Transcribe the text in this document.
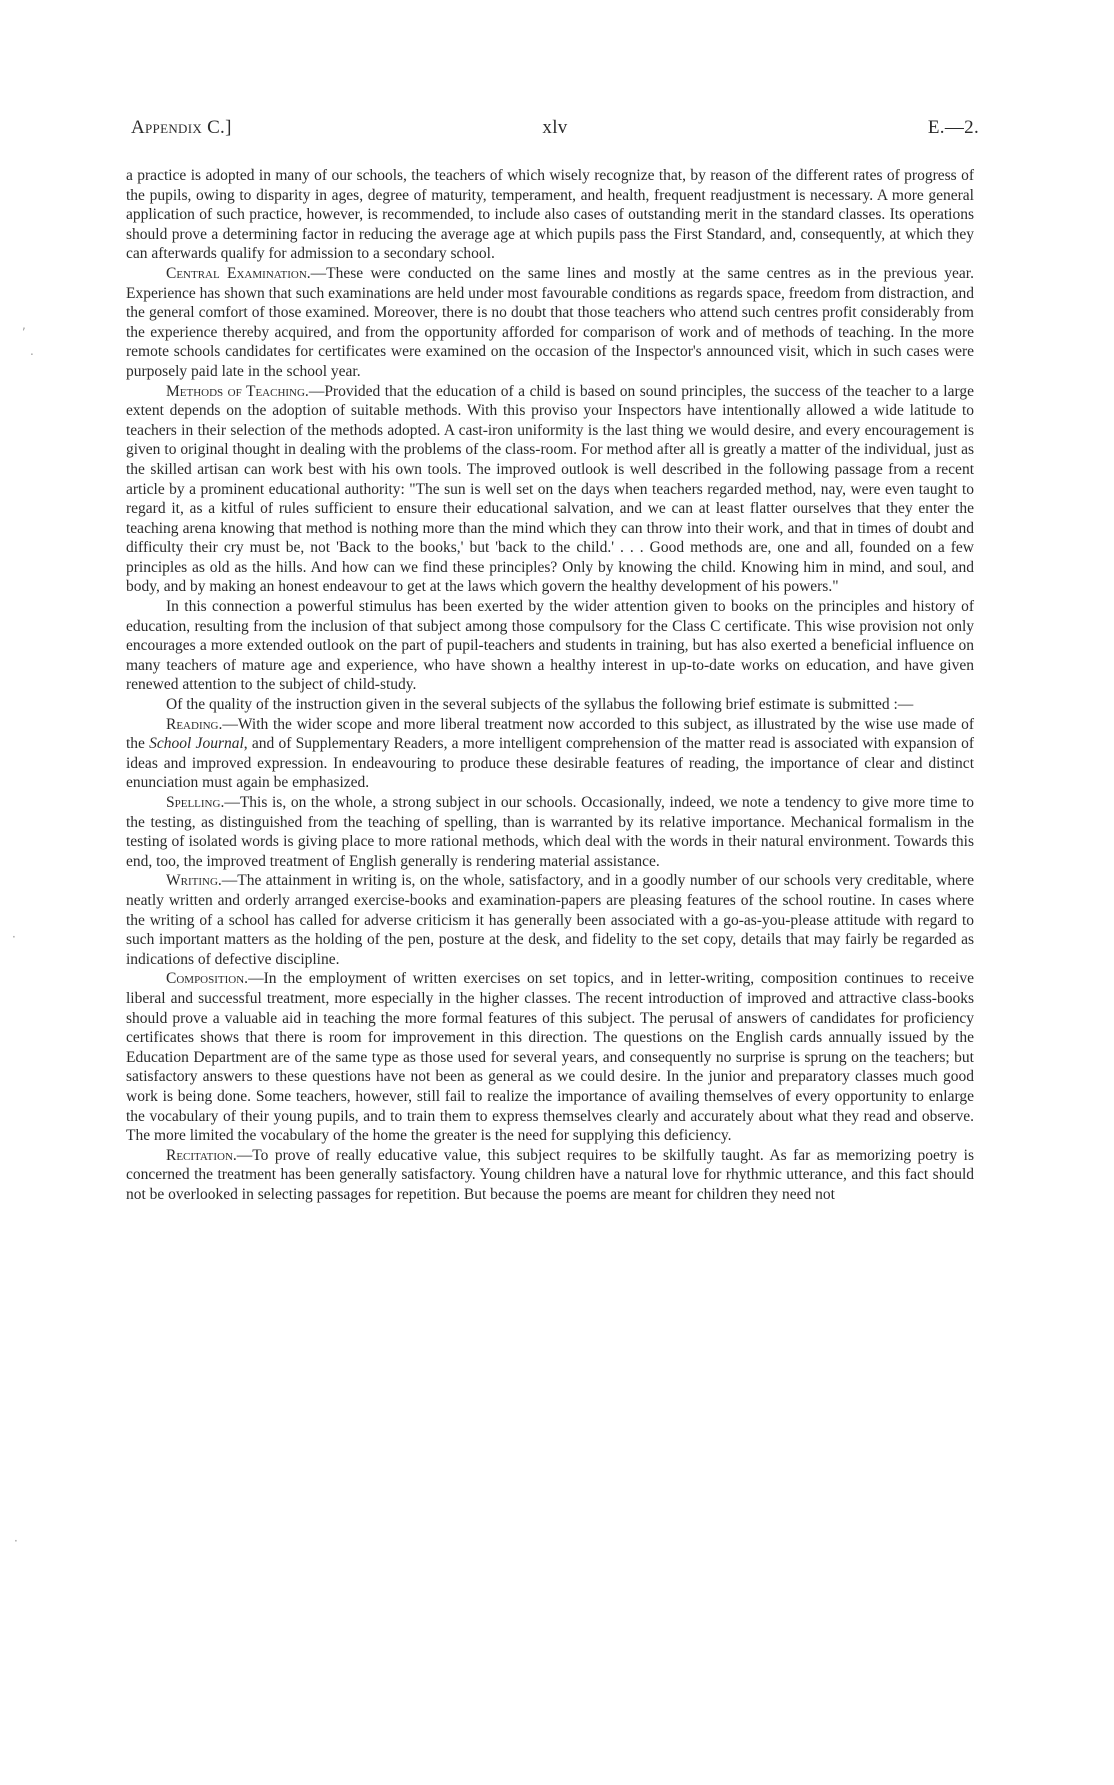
Appendix C.]	xlv	E.—2.

a practice is adopted in many of our schools, the teachers of which wisely recognize that, by reason of the different rates of progress of the pupils, owing to disparity in ages, degree of maturity, temperament, and health, frequent readjustment is necessary. A more general application of such practice, however, is recommended, to include also cases of outstanding merit in the standard classes. Its operations should prove a determining factor in reducing the average age at which pupils pass the First Standard, and, consequently, at which they can afterwards qualify for admission to a secondary school.

Central Examination.—These were conducted on the same lines and mostly at the same centres as in the previous year. Experience has shown that such examinations are held under most favourable conditions as regards space, freedom from distraction, and the general comfort of those examined. Moreover, there is no doubt that those teachers who attend such centres profit considerably from the experience thereby acquired, and from the opportunity afforded for comparison of work and of methods of teaching. In the more remote schools candidates for certificates were examined on the occasion of the Inspector's announced visit, which in such cases were purposely paid late in the school year.

Methods of Teaching.—Provided that the education of a child is based on sound principles, the success of the teacher to a large extent depends on the adoption of suitable methods. With this proviso your Inspectors have intentionally allowed a wide latitude to teachers in their selection of the methods adopted. A cast-iron uniformity is the last thing we would desire, and every encouragement is given to original thought in dealing with the problems of the class-room. For method after all is greatly a matter of the individual, just as the skilled artisan can work best with his own tools. The improved outlook is well described in the following passage from a recent article by a prominent educational authority: "The sun is well set on the days when teachers regarded method, nay, were even taught to regard it, as a kitful of rules sufficient to ensure their educational salvation, and we can at least flatter ourselves that they enter the teaching arena knowing that method is nothing more than the mind which they can throw into their work, and that in times of doubt and difficulty their cry must be, not 'Back to the books,' but 'back to the child.' . . . Good methods are, one and all, founded on a few principles as old as the hills. And how can we find these principles? Only by knowing the child. Knowing him in mind, and soul, and body, and by making an honest endeavour to get at the laws which govern the healthy development of his powers."

In this connection a powerful stimulus has been exerted by the wider attention given to books on the principles and history of education, resulting from the inclusion of that subject among those compulsory for the Class C certificate. This wise provision not only encourages a more extended outlook on the part of pupil-teachers and students in training, but has also exerted a beneficial influence on many teachers of mature age and experience, who have shown a healthy interest in up-to-date works on education, and have given renewed attention to the subject of child-study.

Of the quality of the instruction given in the several subjects of the syllabus the following brief estimate is submitted :—

Reading.—With the wider scope and more liberal treatment now accorded to this subject, as illustrated by the wise use made of the School Journal, and of Supplementary Readers, a more intelligent comprehension of the matter read is associated with expansion of ideas and improved expression. In endeavouring to produce these desirable features of reading, the importance of clear and distinct enunciation must again be emphasized.

Spelling.—This is, on the whole, a strong subject in our schools. Occasionally, indeed, we note a tendency to give more time to the testing, as distinguished from the teaching of spelling, than is warranted by its relative importance. Mechanical formalism in the testing of isolated words is giving place to more rational methods, which deal with the words in their natural environment. Towards this end, too, the improved treatment of English generally is rendering material assistance.

Writing.—The attainment in writing is, on the whole, satisfactory, and in a goodly number of our schools very creditable, where neatly written and orderly arranged exercise-books and examination-papers are pleasing features of the school routine. In cases where the writing of a school has called for adverse criticism it has generally been associated with a go-as-you-please attitude with regard to such important matters as the holding of the pen, posture at the desk, and fidelity to the set copy, details that may fairly be regarded as indications of defective discipline.

Composition.—In the employment of written exercises on set topics, and in letter-writing, composition continues to receive liberal and successful treatment, more especially in the higher classes. The recent introduction of improved and attractive class-books should prove a valuable aid in teaching the more formal features of this subject. The perusal of answers of candidates for proficiency certificates shows that there is room for improvement in this direction. The questions on the English cards annually issued by the Education Department are of the same type as those used for several years, and consequently no surprise is sprung on the teachers; but satisfactory answers to these questions have not been as general as we could desire. In the junior and preparatory classes much good work is being done. Some teachers, however, still fail to realize the importance of availing themselves of every opportunity to enlarge the vocabulary of their young pupils, and to train them to express themselves clearly and accurately about what they read and observe. The more limited the vocabulary of the home the greater is the need for supplying this deficiency.

Recitation.—To prove of really educative value, this subject requires to be skilfully taught. As far as memorizing poetry is concerned the treatment has been generally satisfactory. Young children have a natural love for rhythmic utterance, and this fact should not be overlooked in selecting passages for repetition. But because the poems are meant for children they need not

,
.
·
·
